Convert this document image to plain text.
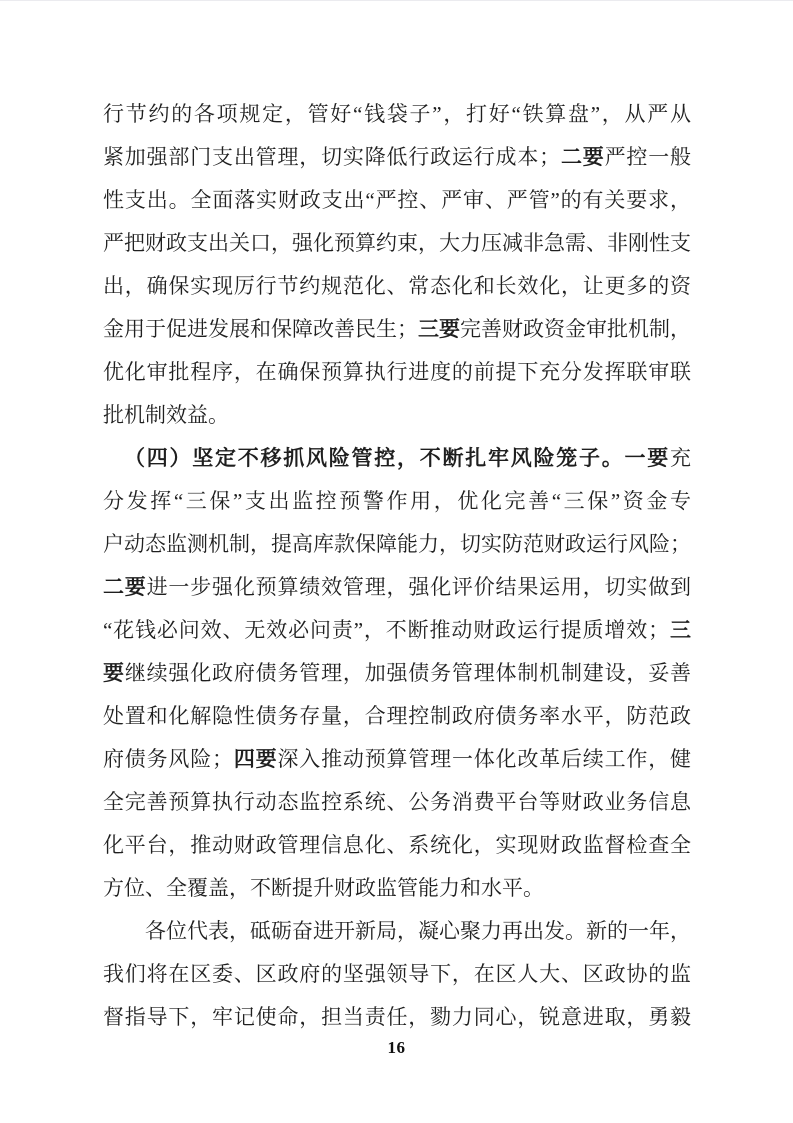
行节约的各项规定，管好“钱袋子”，打好“铁算盘”，从严从
紧加强部门支出管理，切实降低行政运行成本；二要严控一般
性支出。全面落实财政支出“严控、严审、严管”的有关要求，
严把财政支出关口，强化预算约束，大力压减非急需、非刚性支
出，确保实现厉行节约规范化、常态化和长效化，让更多的资
金用于促进发展和保障改善民生；三要完善财政资金审批机制，
优化审批程序，在确保预算执行进度的前提下充分发挥联审联
批机制效益。
（四）坚定不移抓风险管控，不断扎牢风险笼子。一要充
分发挥“三保”支出监控预警作用，优化完善“三保”资金专
户动态监测机制，提高库款保障能力，切实防范财政运行风险；
二要进一步强化预算绩效管理，强化评价结果运用，切实做到
“花钱必问效、无效必问责”，不断推动财政运行提质增效；三
要继续强化政府债务管理，加强债务管理体制机制建设，妥善
处置和化解隐性债务存量，合理控制政府债务率水平，防范政
府债务风险；四要深入推动预算管理一体化改革后续工作，健
全完善预算执行动态监控系统、公务消费平台等财政业务信息
化平台，推动财政管理信息化、系统化，实现财政监督检查全
方位、全覆盖，不断提升财政监管能力和水平。
各位代表，砥砺奋进开新局，凝心聚力再出发。新的一年，
我们将在区委、区政府的坚强领导下，在区人大、区政协的监
督指导下，牢记使命，担当责任，勠力同心，锐意进取，勇毅
16
